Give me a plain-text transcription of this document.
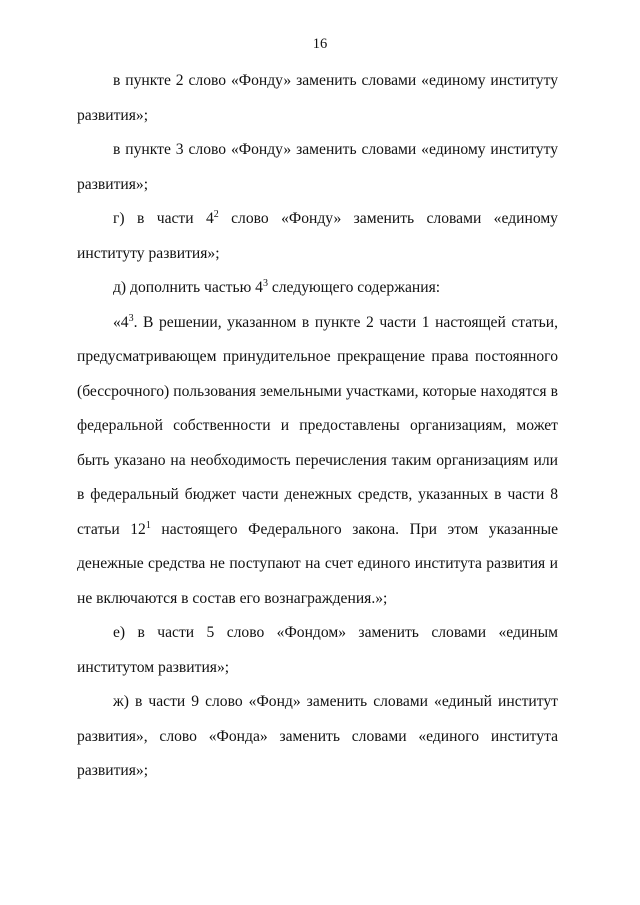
16

в пункте 2 слово «Фонду» заменить словами «единому институту развития»;

в пункте 3 слово «Фонду» заменить словами «единому институту развития»;

г) в части $4^2$ слово «Фонду» заменить словами «единому институту развития»;

д) дополнить частью $4^3$ следующего содержания:

«$4^3$. В решении, указанном в пункте 2 части 1 настоящей статьи, предусматривающем принудительное прекращение права постоянного (бессрочного) пользования земельными участками, которые находятся в федеральной собственности и предоставлены организациям, может быть указано на необходимость перечисления таким организациям или в федеральный бюджет части денежных средств, указанных в части 8 статьи $12^1$ настоящего Федерального закона. При этом указанные денежные средства не поступают на счет единого института развития и не включаются в состав его вознаграждения.»;

е) в части 5 слово «Фондом» заменить словами «единым институтом развития»;

ж) в части 9 слово «Фонд» заменить словами «единый институт развития», слово «Фонда» заменить словами «единого института развития»;
